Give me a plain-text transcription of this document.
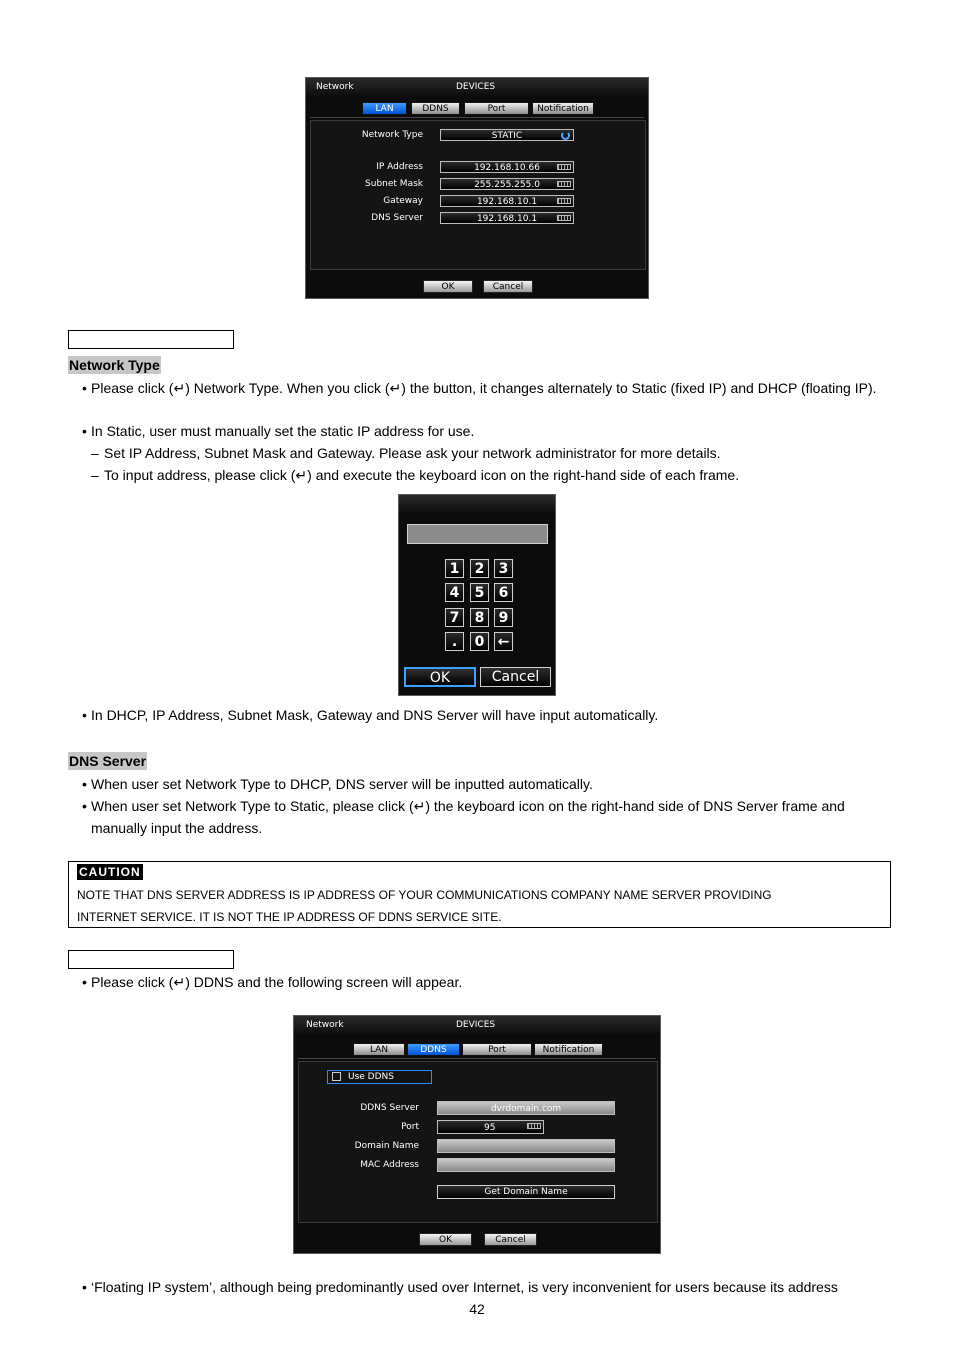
Network	DEVICES
LAN	DDNS	Port	Notification
Network Type	STATIC
IP Address	192.168.10.66
Subnet Mask	255.255.255.0
Gateway	192.168.10.1
DNS Server	192.168.10.1
OK	Cancel
Network Type
• Please click (↵) Network Type. When you click (↵) the button, it changes alternately to Static (fixed IP) and DHCP (floating IP).
• In Static, user must manually set the static IP address for use.
– Set IP Address, Subnet Mask and Gateway. Please ask your network administrator for more details.
– To input address, please click (↵) and execute the keyboard icon on the right-hand side of each frame.
1	2	3
4	5	6
7	8	9
.	0 ←
OK	Cancel
• In DHCP, IP Address, Subnet Mask, Gateway and DNS Server will have input automatically.
DNS Server
• When user set Network Type to DHCP, DNS server will be inputted automatically.
• When user set Network Type to Static, please click (↵) the keyboard icon on the right-hand side of DNS Server frame and manually input the address.
CAUTION
NOTE THAT DNS SERVER ADDRESS IS IP ADDRESS OF YOUR COMMUNICATIONS COMPANY NAME SERVER PROVIDING
INTERNET SERVICE. IT IS NOT THE IP ADDRESS OF DDNS SERVICE SITE.
• Please click (↵) DDNS and the following screen will appear.
Network	DEVICES
LAN	DDNS	Port	Notification
Use DDNS
DDNS Server	dvrdomain.com
Port	95
Domain Name
MAC Address
Get Domain Name
OK	Cancel
• ‘Floating IP system’, although being predominantly used over Internet, is very inconvenient for users because its address
42
